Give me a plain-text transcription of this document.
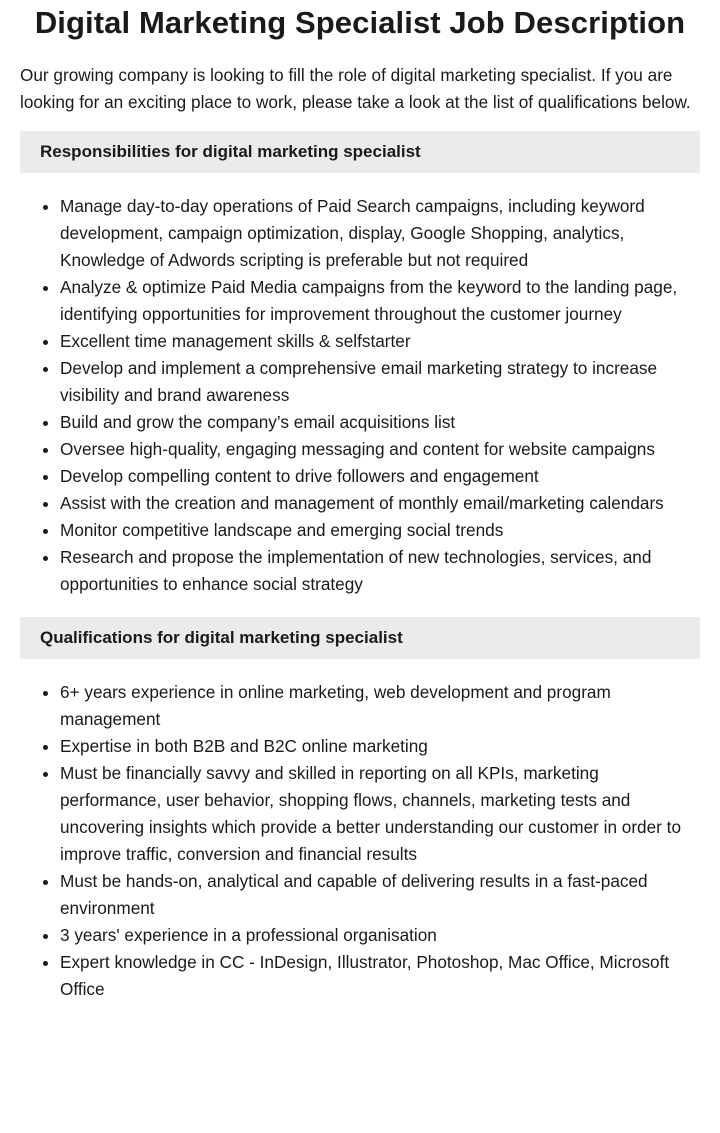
Digital Marketing Specialist Job Description

Our growing company is looking to fill the role of digital marketing specialist. If you are looking for an exciting place to work, please take a look at the list of qualifications below.

Responsibilities for digital marketing specialist
• Manage day-to-day operations of Paid Search campaigns, including keyword development, campaign optimization, display, Google Shopping, analytics, Knowledge of Adwords scripting is preferable but not required
• Analyze & optimize Paid Media campaigns from the keyword to the landing page, identifying opportunities for improvement throughout the customer journey
• Excellent time management skills & selfstarter
• Develop and implement a comprehensive email marketing strategy to increase visibility and brand awareness
• Build and grow the company’s email acquisitions list
• Oversee high-quality, engaging messaging and content for website campaigns
• Develop compelling content to drive followers and engagement
• Assist with the creation and management of monthly email/marketing calendars
• Monitor competitive landscape and emerging social trends
• Research and propose the implementation of new technologies, services, and opportunities to enhance social strategy
Qualifications for digital marketing specialist
• 6+ years experience in online marketing, web development and program management
• Expertise in both B2B and B2C online marketing
• Must be financially savvy and skilled in reporting on all KPIs, marketing performance, user behavior, shopping flows, channels, marketing tests and uncovering insights which provide a better understanding our customer in order to improve traffic, conversion and financial results
• Must be hands-on, analytical and capable of delivering results in a fast-paced environment
• 3 years' experience in a professional organisation
• Expert knowledge in CC - InDesign, Illustrator, Photoshop, Mac Office, Microsoft Office
